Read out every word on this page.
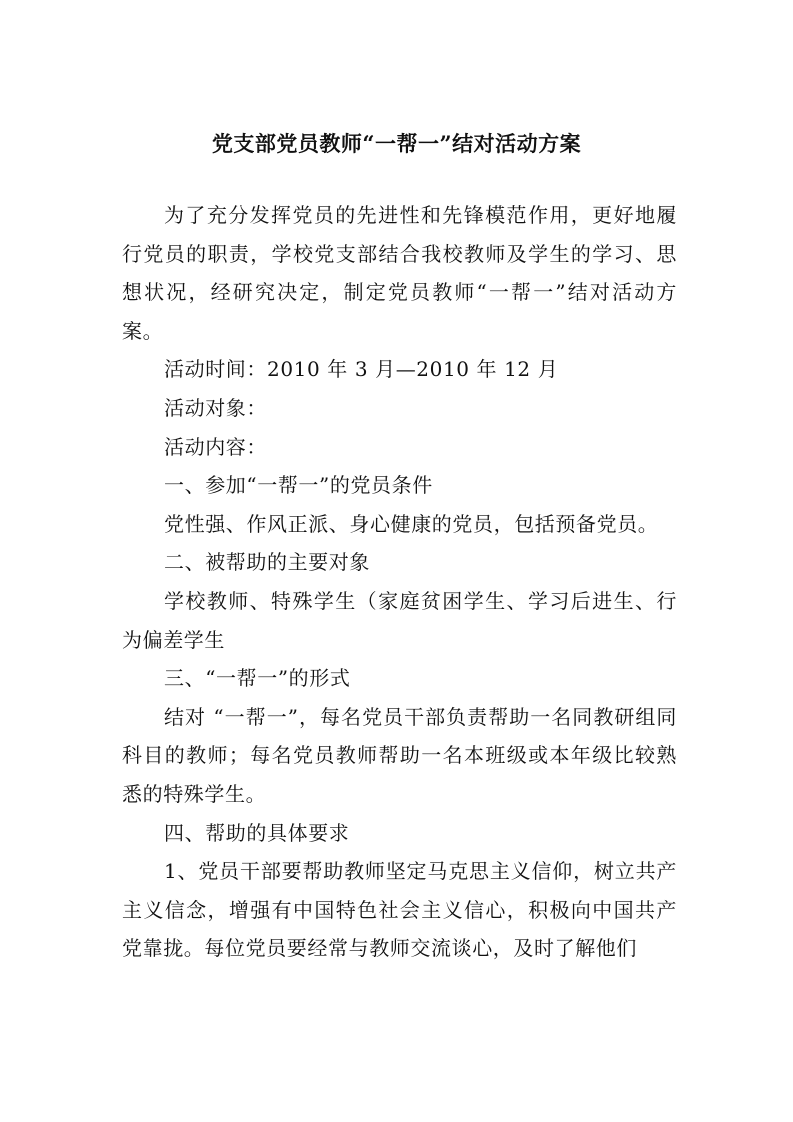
党支部党员教师“一帮一”结对活动方案

为了充分发挥党员的先进性和先锋模范作用，更好地履行党员的职责，学校党支部结合我校教师及学生的学习、思想状况，经研究决定，制定党员教师“一帮一”结对活动方案。

活动时间：2010 年 3 月—2010 年 12 月

活动对象：

活动内容：

一、参加“一帮一”的党员条件

党性强、作风正派、身心健康的党员，包括预备党员。

二、被帮助的主要对象

学校教师、特殊学生（家庭贫困学生、学习后进生、行为偏差学生

三、“一帮一”的形式

结对 “一帮一”，每名党员干部负责帮助一名同教研组同科目的教师；每名党员教师帮助一名本班级或本年级比较熟悉的特殊学生。

四、帮助的具体要求

1、党员干部要帮助教师坚定马克思主义信仰，树立共产主义信念，增强有中国特色社会主义信心，积极向中国共产党靠拢。每位党员要经常与教师交流谈心，及时了解他们
